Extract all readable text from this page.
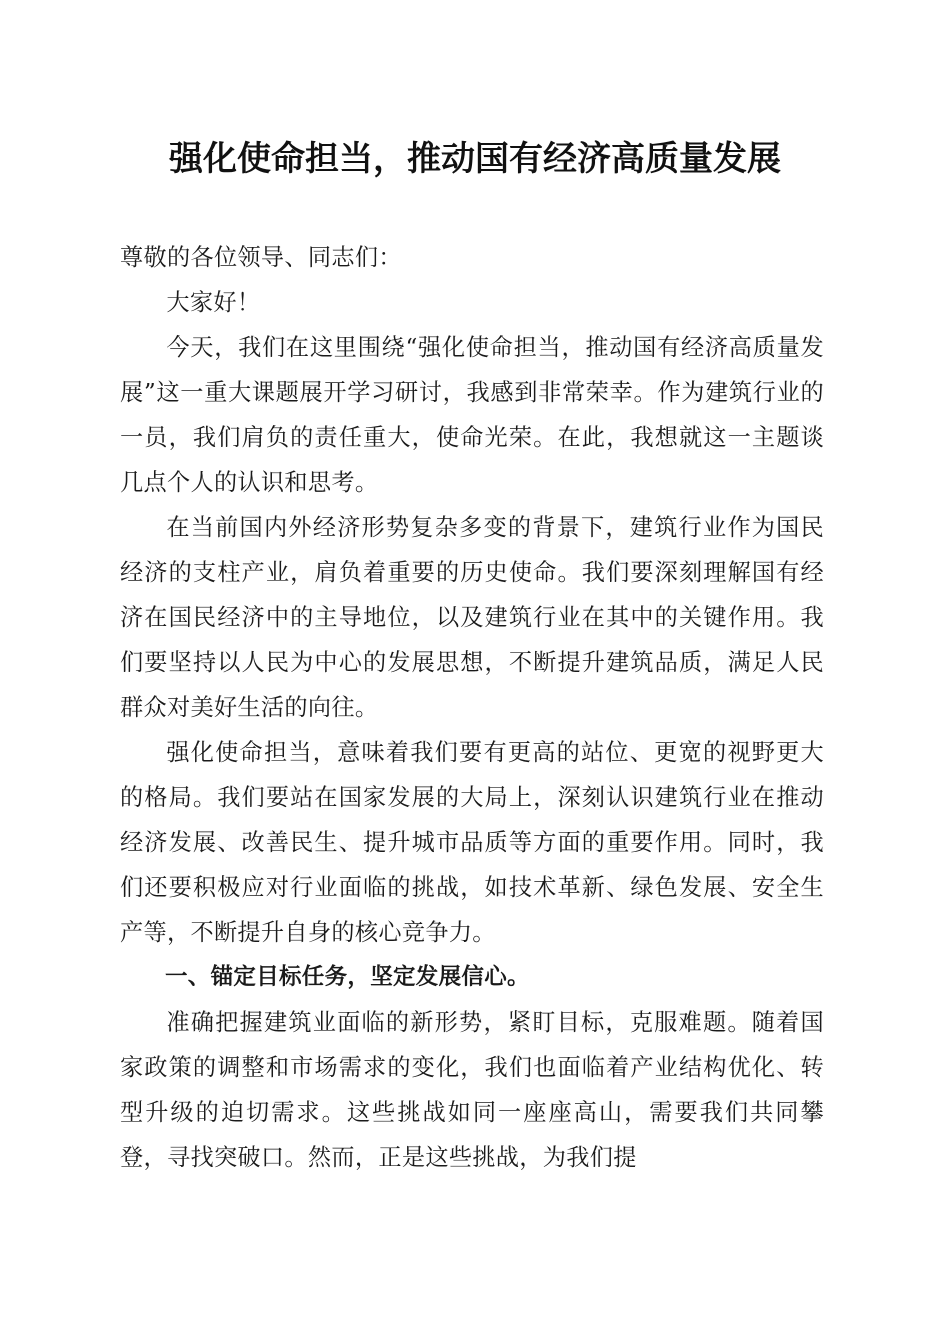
强化使命担当，推动国有经济高质量发展

尊敬的各位领导、同志们：

大家好！

今天，我们在这里围绕“强化使命担当，推动国有经济高质量发展”这一重大课题展开学习研讨，我感到非常荣幸。作为建筑行业的一员，我们肩负的责任重大，使命光荣。在此，我想就这一主题谈几点个人的认识和思考。

在当前国内外经济形势复杂多变的背景下，建筑行业作为国民经济的支柱产业，肩负着重要的历史使命。我们要深刻理解国有经济在国民经济中的主导地位，以及建筑行业在其中的关键作用。我们要坚持以人民为中心的发展思想，不断提升建筑品质，满足人民群众对美好生活的向往。

强化使命担当，意味着我们要有更高的站位、更宽的视野更大的格局。我们要站在国家发展的大局上，深刻认识建筑行业在推动经济发展、改善民生、提升城市品质等方面的重要作用。同时，我们还要积极应对行业面临的挑战，如技术革新、绿色发展、安全生产等，不断提升自身的核心竞争力。

一、锚定目标任务，坚定发展信心。

准确把握建筑业面临的新形势，紧盯目标，克服难题。随着国家政策的调整和市场需求的变化，我们也面临着产业结构优化、转型升级的迫切需求。这些挑战如同一座座高山，需要我们共同攀登，寻找突破口。然而，正是这些挑战，为我们提
